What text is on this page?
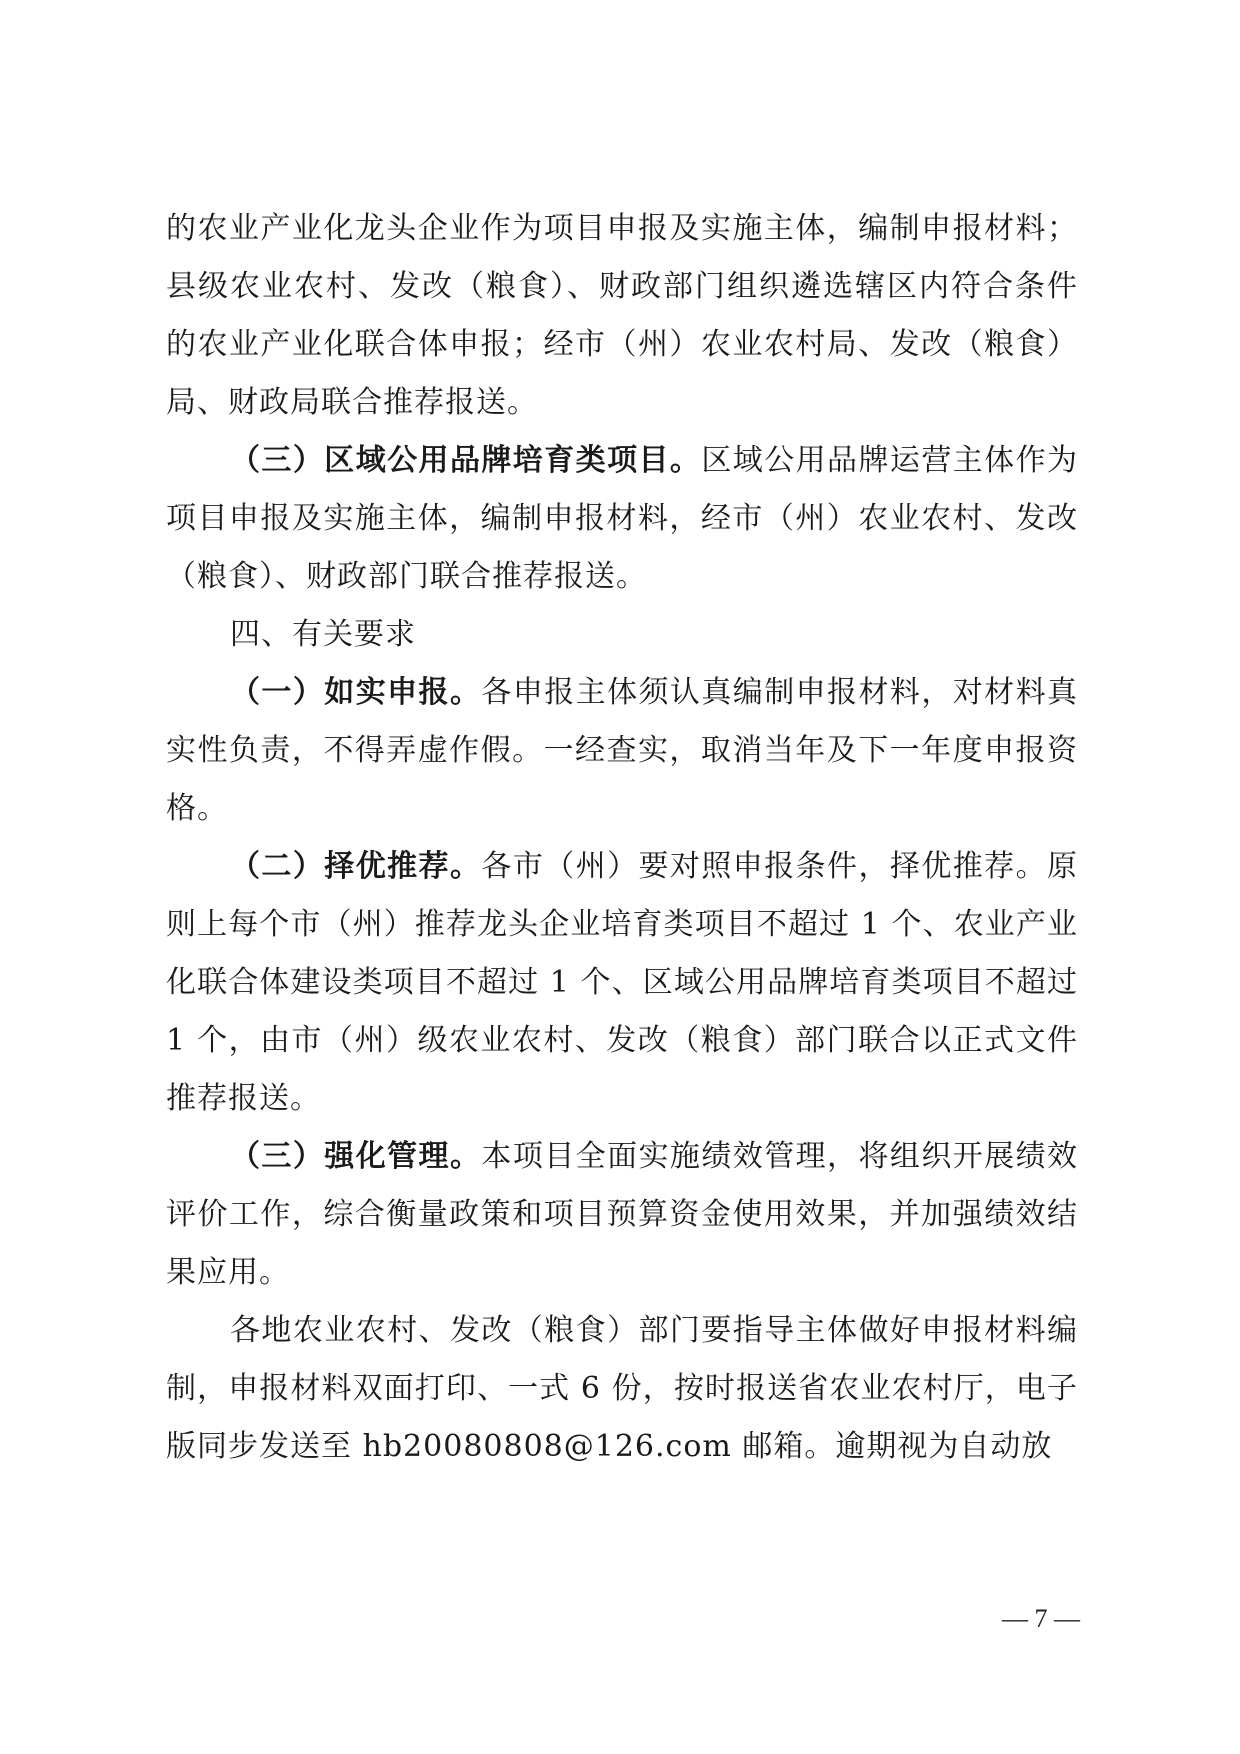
的农业产业化龙头企业作为项目申报及实施主体，编制申报材料；县级农业农村、发改（粮食）、财政部门组织遴选辖区内符合条件的农业产业化联合体申报；经市（州）农业农村局、发改（粮食）局、财政局联合推荐报送。

（三）区域公用品牌培育类项目。区域公用品牌运营主体作为项目申报及实施主体，编制申报材料，经市（州）农业农村、发改（粮食）、财政部门联合推荐报送。

四、有关要求

（一）如实申报。各申报主体须认真编制申报材料，对材料真实性负责，不得弄虚作假。一经查实，取消当年及下一年度申报资格。

（二）择优推荐。各市（州）要对照申报条件，择优推荐。原则上每个市（州）推荐龙头企业培育类项目不超过 1 个、农业产业化联合体建设类项目不超过 1 个、区域公用品牌培育类项目不超过 1 个，由市（州）级农业农村、发改（粮食）部门联合以正式文件推荐报送。

（三）强化管理。本项目全面实施绩效管理，将组织开展绩效评价工作，综合衡量政策和项目预算资金使用效果，并加强绩效结果应用。

各地农业农村、发改（粮食）部门要指导主体做好申报材料编制，申报材料双面打印、一式 6 份，按时报送省农业农村厅，电子版同步发送至 hb20080808@126.com 邮箱。逾期视为自动放

— 7 —
